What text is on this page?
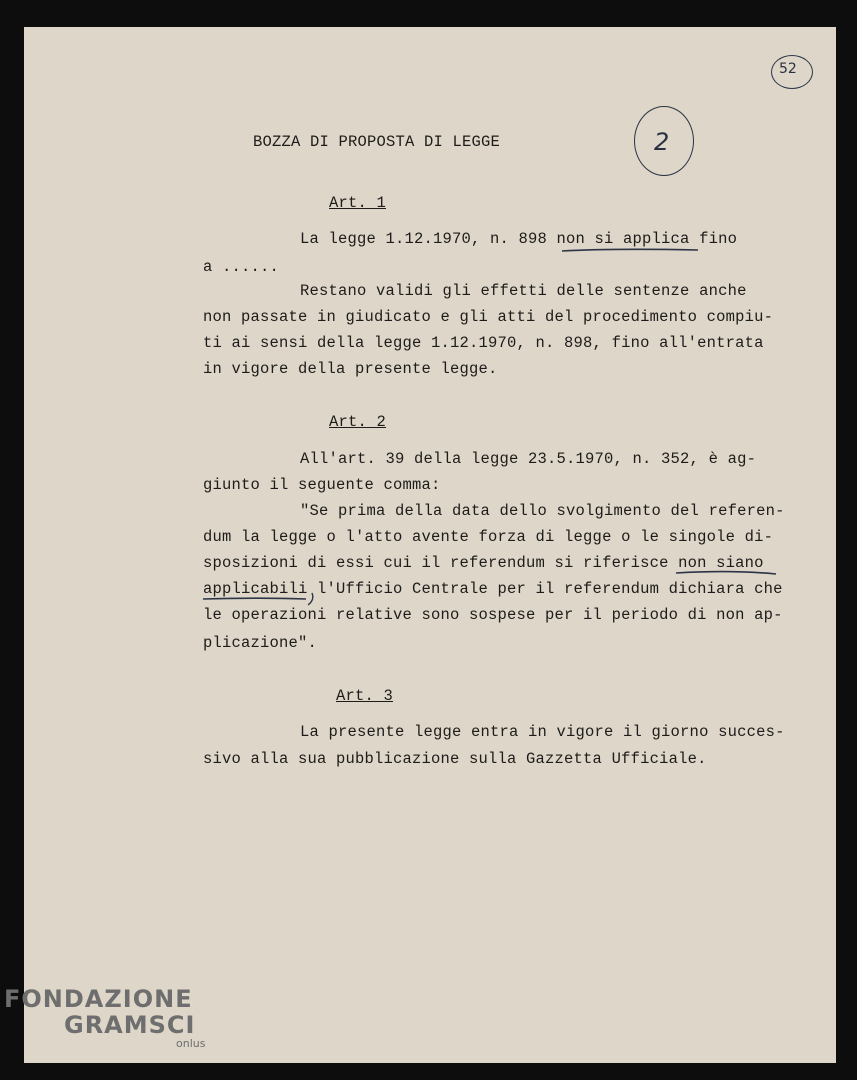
52
2
BOZZA DI PROPOSTA DI LEGGE
Art. 1
La legge 1.12.1970, n. 898 non si applica fino
a ......
Restano validi gli effetti delle sentenze anche
non passate in giudicato e gli atti del procedimento compiu-
ti ai sensi della legge 1.12.1970, n. 898, fino all'entrata
in vigore della presente legge.
Art. 2
All'art. 39 della legge 23.5.1970, n. 352, è ag-
giunto il seguente comma:
"Se prima della data dello svolgimento del referen-
dum la legge o l'atto avente forza di legge o le singole di-
sposizioni di essi cui il referendum si riferisce non siano
applicabili l'Ufficio Centrale per il referendum dichiara che
le operazioni relative sono sospese per il periodo di non ap-
plicazione".
Art. 3
La presente legge entra in vigore il giorno succes-
sivo alla sua pubblicazione sulla Gazzetta Ufficiale.
FONDAZIONE
GRAMSCI
onlus
